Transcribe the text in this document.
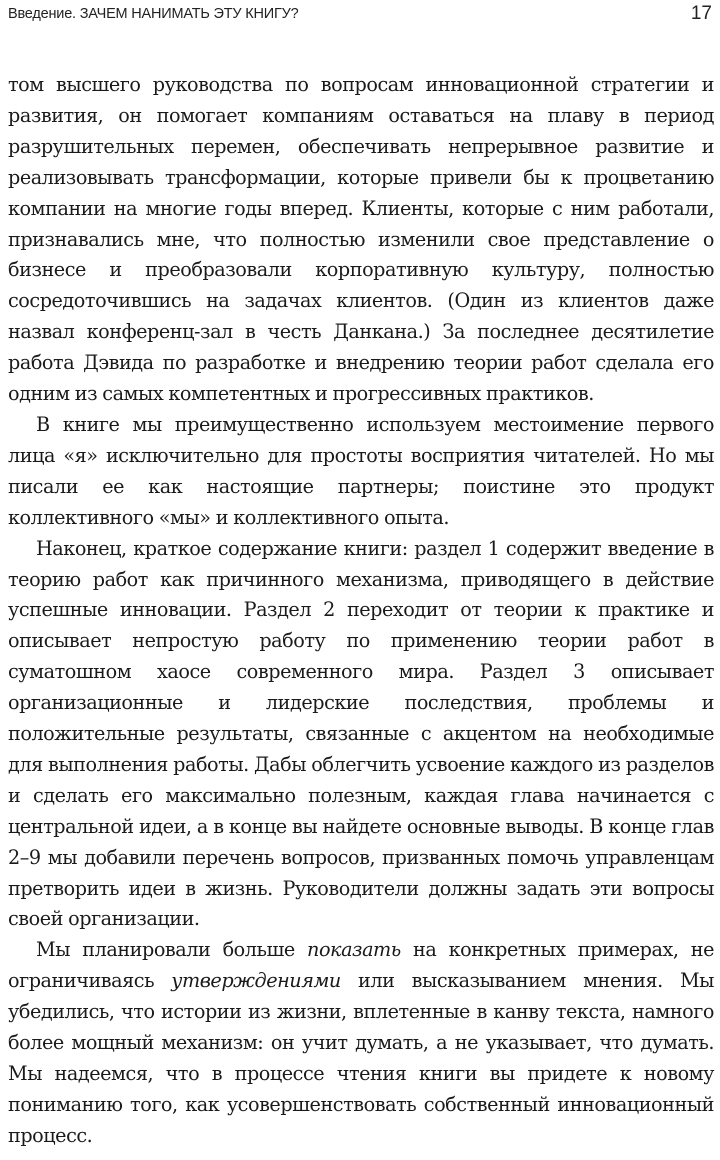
Введение. ЗАЧЕМ НАНИМАТЬ ЭТУ КНИГУ?	17

том высшего руководства по вопросам инновационной стратегии и развития, он помогает компаниям оставаться на плаву в период разрушительных перемен, обеспечивать непрерывное развитие и реализовывать трансформации, которые привели бы к процветанию компании на многие годы вперед. Клиенты, которые с ним работали, признавались мне, что полностью изменили свое представление о бизнесе и преобразовали корпоративную культуру, полностью сосредоточившись на задачах клиентов. (Один из клиентов даже назвал конференц-зал в честь Данкана.) За последнее десятилетие работа Дэвида по разработке и внедрению теории работ сделала его одним из самых компетентных и прогрессивных практиков.

В книге мы преимущественно используем местоимение первого лица «я» исключительно для простоты восприятия читателей. Но мы писали ее как настоящие партнеры; поистине это продукт коллективного «мы» и коллективного опыта.

Наконец, краткое содержание книги: раздел 1 содержит введение в теорию работ как причинного механизма, приводящего в действие успешные инновации. Раздел 2 переходит от теории к практике и описывает непростую работу по применению теории работ в суматошном хаосе современного мира. Раздел 3 описывает организационные и лидерские последствия, проблемы и положительные результаты, связанные с акцентом на необходимые для выполнения работы. Дабы облегчить усвоение каждого из разделов и сделать его максимально полезным, каждая глава начинается с центральной идеи, а в конце вы найдете основные выводы. В конце глав 2–9 мы добавили перечень вопросов, призванных помочь управленцам претворить идеи в жизнь. Руководители должны задать эти вопросы своей организации.

Мы планировали больше показать на конкретных примерах, не ограничиваясь утверждениями или высказыванием мнения. Мы убедились, что истории из жизни, вплетенные в канву текста, намного более мощный механизм: он учит думать, а не указывает, что думать. Мы надеемся, что в процессе чтения книги вы придете к новому пониманию того, как усовершенствовать собственный инновационный процесс.
